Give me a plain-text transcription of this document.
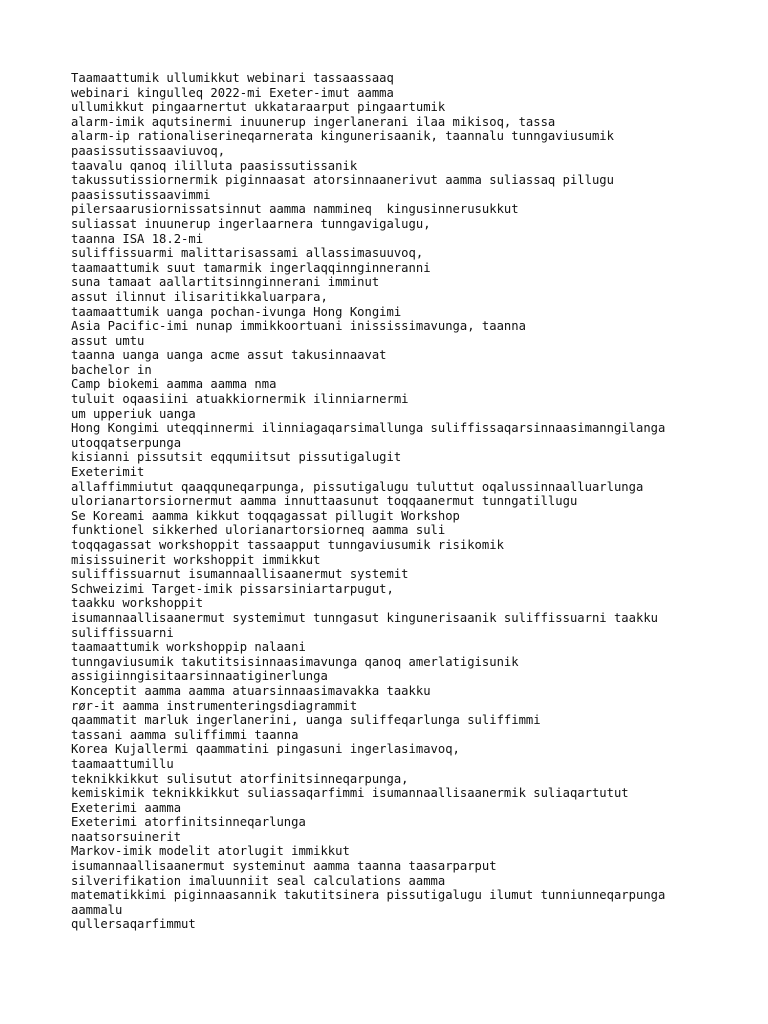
Taamaattumik ullumikkut webinari tassaassaaq
webinari kingulleq 2022-mi Exeter-imut aamma
ullumikkut pingaarnertut ukkataraarput pingaartumik
alarm-imik aqutsinermi inuunerup ingerlanerani ilaa mikisoq, tassa
alarm-ip rationaliserineqarnerata kingunerisaanik, taannalu tunngaviusumik
paasissutissaaviuvoq,
taavalu qanoq ililluta paasissutissanik
takussutissiornermik piginnaasat atorsinnaanerivut aamma suliassaq pillugu
paasissutissaavimmi
pilersaarusiornissatsinnut aamma nammineq  kingusinnerusukkut
suliassat inuunerup ingerlaarnera tunngavigalugu,
taanna ISA 18.2-mi
suliffissuarmi malittarisassami allassimasuuvoq,
taamaattumik suut tamarmik ingerlaqqinnginneranni
suna tamaat aallartitsinnginnerani imminut
assut ilinnut ilisaritikkaluarpara,
taamaattumik uanga pochan-ivunga Hong Kongimi
Asia Pacific-imi nunap immikkoortuani inississimavunga, taanna
assut umtu
taanna uanga uanga acme assut takusinnaavat
bachelor in
Camp biokemi aamma aamma nma
tuluit oqaasiini atuakkiornermik ilinniarnermi
um upperiuk uanga
Hong Kongimi uteqqinnermi ilinniagaqarsimallunga suliffissaqarsinnaasimanngilanga
utoqqatserpunga
kisianni pissutsit eqqumiitsut pissutigalugit
Exeterimit
allaffimmiutut qaaqquneqarpunga, pissutigalugu tuluttut oqalussinnaalluarlunga
ulorianartorsiornermut aamma innuttaasunut toqqaanermut tunngatillugu
Se Koreami aamma kikkut toqqagassat pillugit Workshop
funktionel sikkerhed ulorianartorsiorneq aamma suli
toqqagassat workshoppit tassaapput tunngaviusumik risikomik
misissuinerit workshoppit immikkut
suliffissuarnut isumannaallisaanermut systemit
Schweizimi Target-imik pissarsiniartarpugut,
taakku workshoppit
isumannaallisaanermut systemimut tunngasut kingunerisaanik suliffissuarni taakku
suliffissuarni
taamaattumik workshoppip nalaani
tunngaviusumik takutitsisinnaasimavunga qanoq amerlatigisunik
assigiinngisitaarsinnaatiginerlunga
Konceptit aamma aamma atuarsinnaasimavakka taakku
rør-it aamma instrumenteringsdiagrammit
qaammatit marluk ingerlanerini, uanga suliffeqarlunga suliffimmi
tassani aamma suliffimmi taanna
Korea Kujallermi qaammatini pingasuni ingerlasimavoq,
taamaattumillu
teknikkikkut sulisutut atorfinitsinneqarpunga,
kemiskimik teknikkikkut suliassaqarfimmi isumannaallisaanermik suliaqartutut
Exeterimi aamma
Exeterimi atorfinitsinneqarlunga
naatsorsuinerit
Markov-imik modelit atorlugit immikkut
isumannaallisaanermut systeminut aamma taanna taasarparput
silverifikation imaluunniit seal calculations aamma
matematikkimi piginnaasannik takutitsinera pissutigalugu ilumut tunniunneqarpunga
aammalu
qullersaqarfimmut
